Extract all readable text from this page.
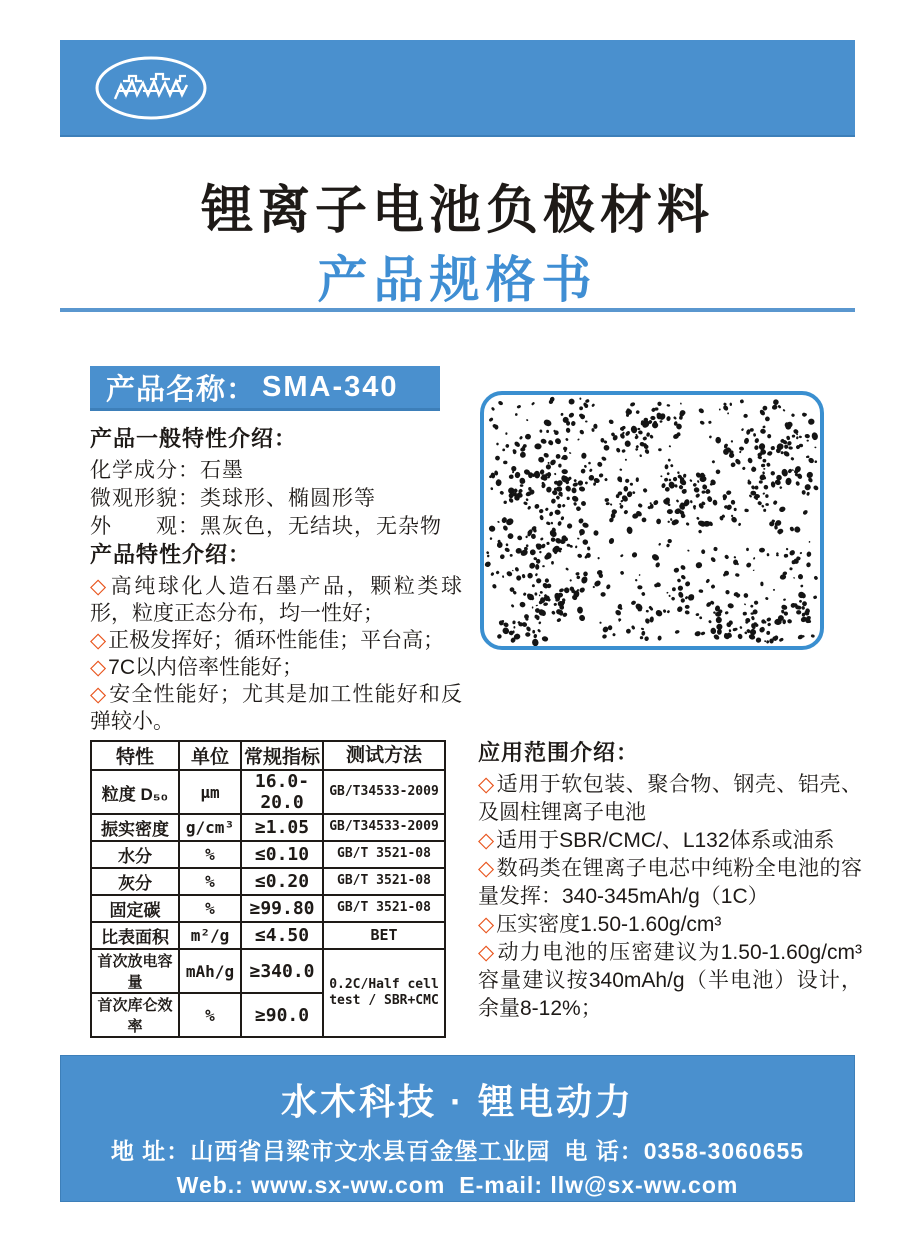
锂离子电池负极材料
产品规格书
产品名称： SMA-340
产品一般特性介绍：
化学成分：石墨
微观形貌：类球形、椭圆形等
外　　观：黑灰色，无结块，无杂物
产品特性介绍：

◇高纯球化人造石墨产品，颗粒类球形，粒度正态分布，均一性好；

◇正极发挥好；循环性能佳；平台高；

◇7C以内倍率性能好；

◇安全性能好；尤其是加工性能好和反弹较小。

特性	单位	常规指标	测试方法
粒度 D₅₀	μm	16.0-20.0	GB/T34533-2009
振实密度	g/cm³	≥1.05	GB/T34533-2009
水分	%	≤0.10	GB/T 3521-08
灰分	%	≤0.20	GB/T 3521-08
固定碳	%	≥99.80	GB/T 3521-08
比表面积	m²/g	≤4.50	BET
首次放电容量	mAh/g	≥340.0	0.2C/Half cell test / SBR+CMC
首次库仑效率	%	≥90.0	
应用范围介绍：

◇适用于软包装、聚合物、钢壳、铝壳、及圆柱锂离子电池

◇适用于SBR/CMC/、L132体系或油系

◇数码类在锂离子电芯中纯粉全电池的容量发挥：340-345mAh/g（1C）

◇压实密度1.50-1.60g/cm³

◇动力电池的压密建议为1.50-1.60g/cm³容量建议按340mAh/g（半电池）设计，余量8-12%；

水木科技 · 锂电动力
地 址：山西省吕梁市文水县百金堡工业园 电 话：0358-3060655
Web.: www.sx-ww.com E-mail: llw@sx-ww.com
